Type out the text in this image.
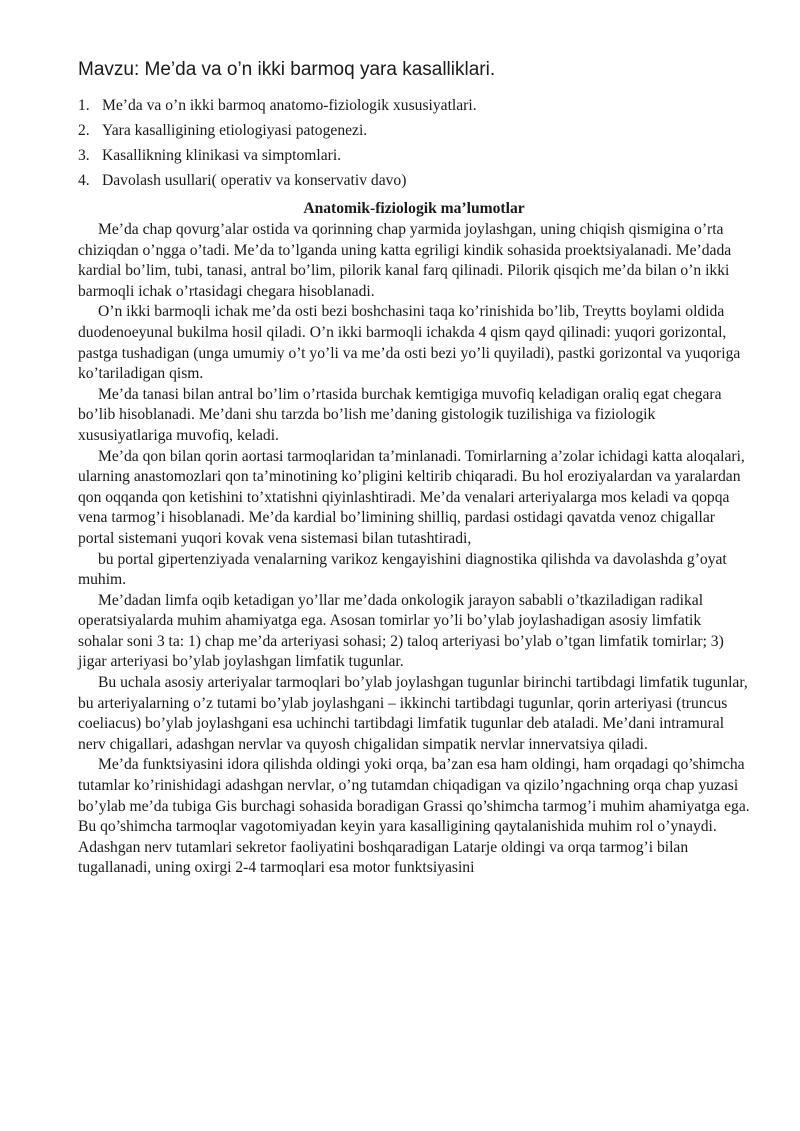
Mavzu: Me’da va o’n ikki barmoq yara kasalliklari.
1. Me’da va o’n ikki barmoq anatomo-fiziologik xususiyatlari.
2. Yara kasalligining etiologiyasi patogenezi.
3. Kasallikning klinikasi va simptomlari.
4. Davolash usullari( operativ va konservativ davo)
Anatomik-fiziologik ma’lumotlar

Me’da chap qovurg’alar ostida va qorinning chap yarmida joylashgan, uning chiqish qismigina o’rta chiziqdan o’ngga o’tadi. Me’da to’lganda uning katta egriligi kindik sohasida proektsiyalanadi. Me’dada kardial bo’lim, tubi, tanasi, antral bo’lim, pilorik kanal farq qilinadi. Pilorik qisqich me’da bilan o’n ikki barmoqli ichak o’rtasidagi chegara hisoblanadi.

O’n ikki barmoqli ichak me’da osti bezi boshchasini taqa ko’rinishida bo’lib, Treytts boylami oldida duodenoeyunal bukilma hosil qiladi. O’n ikki barmoqli ichakda 4 qism qayd qilinadi: yuqori gorizontal, pastga tushadigan (unga umumiy o’t yo’li va me’da osti bezi yo’li quyiladi), pastki gorizontal va yuqoriga ko’tariladigan qism.

Me’da tanasi bilan antral bo’lim o’rtasida burchak kemtigiga muvofiq keladigan oraliq egat chegara bo’lib hisoblanadi. Me’dani shu tarzda bo’lish me’daning gistologik tuzilishiga va fiziologik xususiyatlariga muvofiq, keladi.

Me’da qon bilan qorin aortasi tarmoqlaridan ta’minlanadi. Tomirlarning a’zolar ichidagi katta aloqalari, ularning anastomozlari qon ta’minotining ko’pligini keltirib chiqaradi. Bu hol eroziyalardan va yaralardan qon oqqanda qon ketishini to’xtatishni qiyinlashtiradi. Me’da venalari arteriyalarga mos keladi va qopqa vena tarmog’i hisoblanadi. Me’da kardial bo’limining shilliq, pardasi ostidagi qavatda venoz chigallar portal sistemani yuqori kovak vena sistemasi bilan tutashtiradi,

bu portal gipertenziyada venalarning varikoz kengayishini diagnostika qilishda va davolashda g’oyat muhim.

Me’dadan limfa oqib ketadigan yo’llar me’dada onkologik jarayon sababli o’tkaziladigan radikal operatsiyalarda muhim ahamiyatga ega. Asosan tomirlar yo’li bo’ylab joylashadigan asosiy limfatik sohalar soni 3 ta: 1) chap me’da arteriyasi sohasi; 2) taloq arteriyasi bo’ylab o’tgan limfatik tomirlar; 3) jigar arteriyasi bo’ylab joylashgan limfatik tugunlar.

Bu uchala asosiy arteriyalar tarmoqlari bo’ylab joylashgan tugunlar birinchi tartibdagi limfatik tugunlar, bu arteriyalarning o’z tutami bo’ylab joylashgani – ikkinchi tartibdagi tugunlar, qorin arteriyasi (truncus coeliacus) bo’ylab joylashgani esa uchinchi tartibdagi limfatik tugunlar deb ataladi. Me’dani intramural nerv chigallari, adashgan nervlar va quyosh chigalidan simpatik nervlar innervatsiya qiladi.

Me’da funktsiyasini idora qilishda oldingi yoki orqa, ba’zan esa ham oldingi, ham orqadagi qo’shimcha tutamlar ko’rinishidagi adashgan nervlar, o’ng tutamdan chiqadigan va qizilo’ngachning orqa chap yuzasi bo’ylab me’da tubiga Gis burchagi sohasida boradigan Grassi qo’shimcha tarmog’i muhim ahamiyatga ega. Bu qo’shimcha tarmoqlar vagotomiyadan keyin yara kasalligining qaytalanishida muhim rol o’ynaydi. Adashgan nerv tutamlari sekretor faoliyatini boshqaradigan Latarje oldingi va orqa tarmog’i bilan tugallanadi, uning oxirgi 2-4 tarmoqlari esa motor funktsiyasini
